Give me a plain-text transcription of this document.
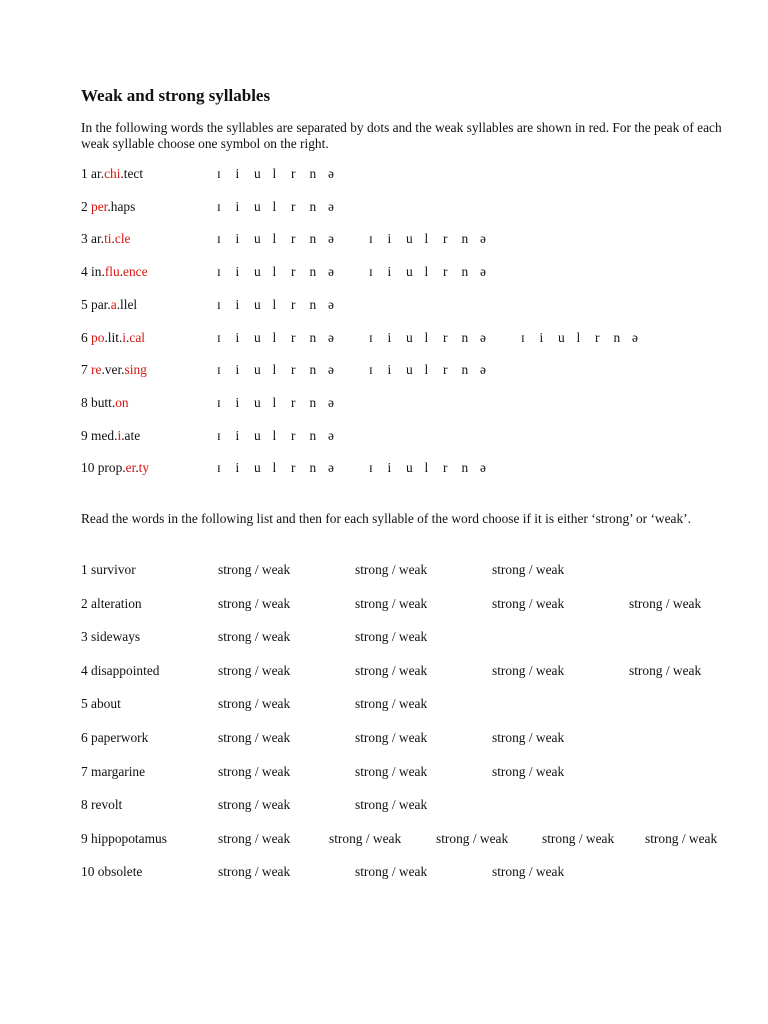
Weak and strong syllables
In the following words the syllables are separated by dots and the weak syllables are shown in red. For the peak of each weak syllable choose one symbol on the right.
1 ar.chi.tect	ɪ i u l r n ə
2 per.haps	ɪ i u l r n ə
3 ar.ti.cle	ɪ i u l r n ə	ɪ i u l r n ə
4 in.flu.ence	ɪ i u l r n ə	ɪ i u l r n ə
5 par.a.llel	ɪ i u l r n ə
6 po.lit.i.cal	ɪ i u l r n ə	ɪ i u l r n ə	ɪ i u l r n ə
7 re.ver.sing	ɪ i u l r n ə	ɪ i u l r n ə
8 butt.on	ɪ i u l r n ə
9 med.i.ate	ɪ i u l r n ə
10 prop.er.ty	ɪ i u l r n ə	ɪ i u l r n ə
Read the words in the following list and then for each syllable of the word choose if it is either ‘strong’ or ‘weak’.
1 survivor	strong / weak	strong / weak	strong / weak
2 alteration	strong / weak	strong / weak	strong / weak	strong / weak
3 sideways	strong / weak	strong / weak
4 disappointed	strong / weak	strong / weak	strong / weak	strong / weak
5 about	strong / weak	strong / weak
6 paperwork	strong / weak	strong / weak	strong / weak
7 margarine	strong / weak	strong / weak	strong / weak
8 revolt	strong / weak	strong / weak
9 hippopotamus	strong / weak	strong / weak	strong / weak	strong / weak strong / weak
10 obsolete	strong / weak	strong / weak	strong / weak
